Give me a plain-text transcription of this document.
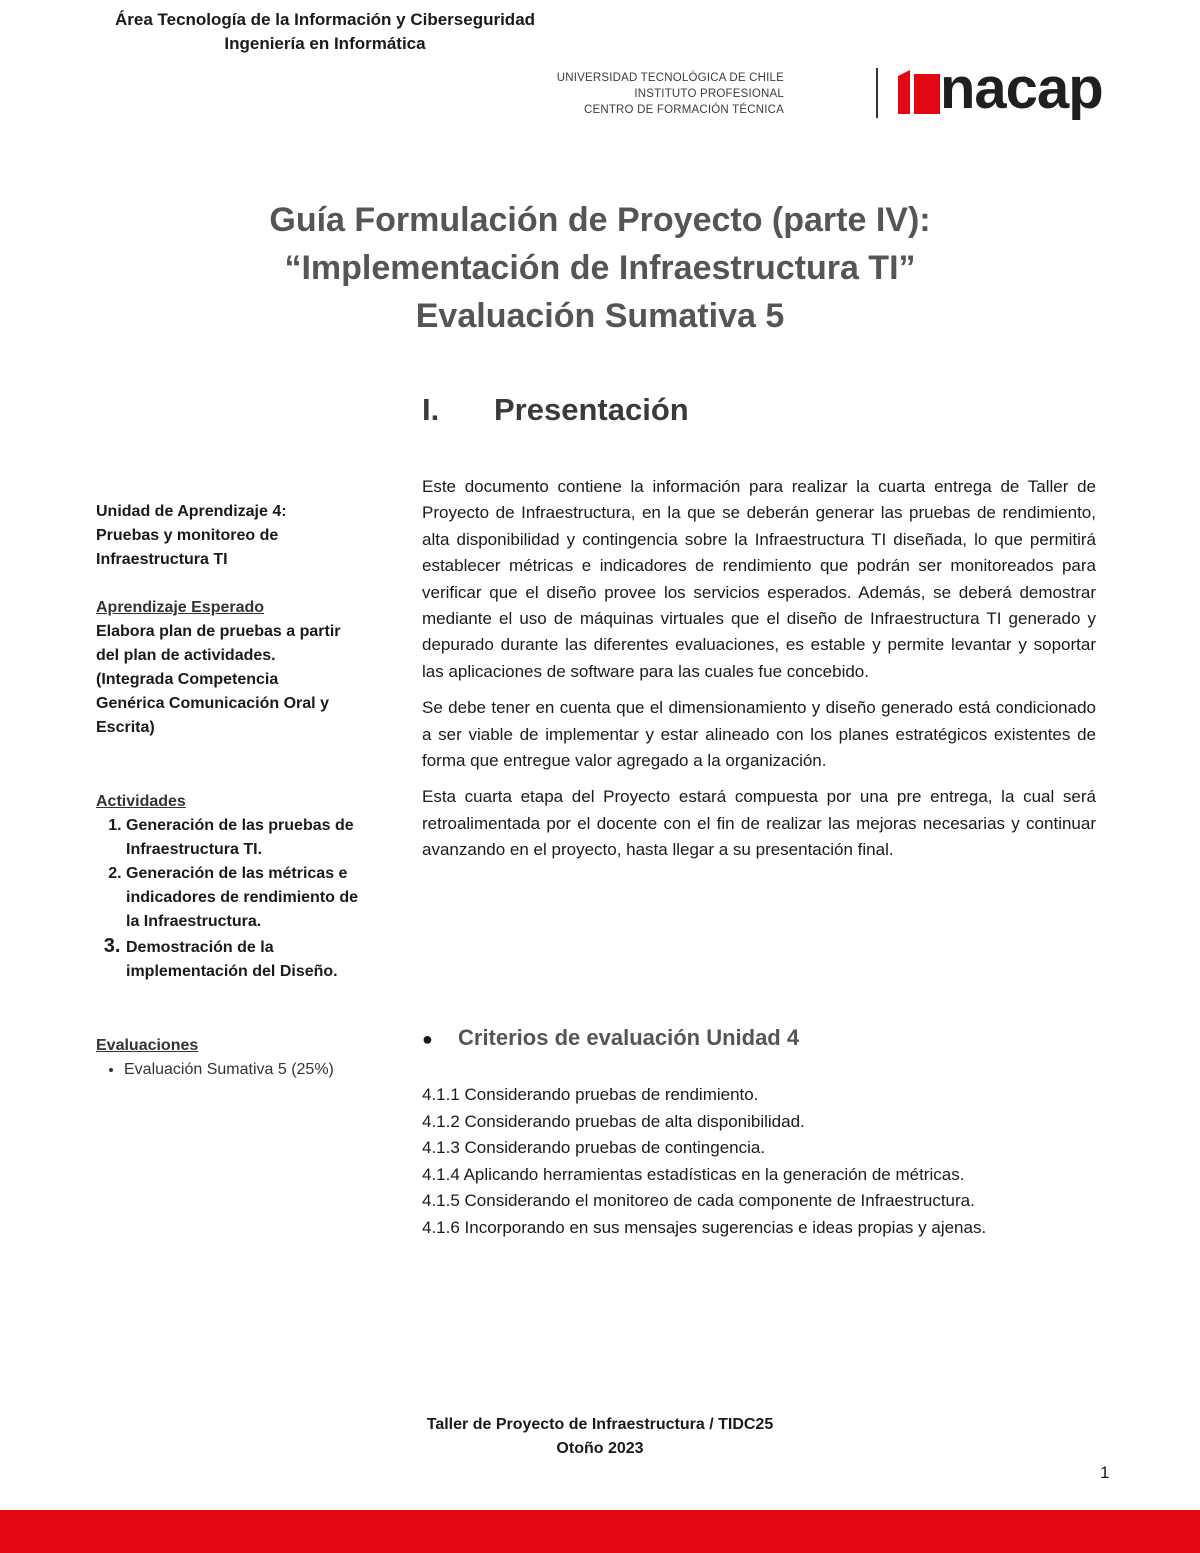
Área Tecnología de la Información y Ciberseguridad
Ingeniería en Informática
UNIVERSIDAD TECNOLÓGICA DE CHILE
INSTITUTO PROFESIONAL
CENTRO DE FORMACIÓN TÉCNICA	nacap
Guía Formulación de Proyecto (parte IV):
“Implementación de Infraestructura TI”
Evaluación Sumativa 5
I. Presentación
Unidad de Aprendizaje 4:
Pruebas y monitoreo de
Infraestructura TI
Aprendizaje Esperado
Elabora plan de pruebas a partir
del plan de actividades.
(Integrada Competencia
Genérica Comunicación Oral y
Escrita)
Actividades
1. Generación de las pruebas de Infraestructura TI.
2. Generación de las métricas e indicadores de rendimiento de la Infraestructura.
3. Demostración de la implementación del Diseño.
Evaluaciones
• Evaluación Sumativa 5 (25%)

Este documento contiene la información para realizar la cuarta entrega de Taller de Proyecto de Infraestructura, en la que se deberán generar las pruebas de rendimiento, alta disponibilidad y contingencia sobre la Infraestructura TI diseñada, lo que permitirá establecer métricas e indicadores de rendimiento que podrán ser monitoreados para verificar que el diseño provee los servicios esperados. Además, se deberá demostrar mediante el uso de máquinas virtuales que el diseño de Infraestructura TI generado y depurado durante las diferentes evaluaciones, es estable y permite levantar y soportar las aplicaciones de software para las cuales fue concebido.

Se debe tener en cuenta que el dimensionamiento y diseño generado está condicionado a ser viable de implementar y estar alineado con los planes estratégicos existentes de forma que entregue valor agregado a la organización.

Esta cuarta etapa del Proyecto estará compuesta por una pre entrega, la cual será retroalimentada por el docente con el fin de realizar las mejoras necesarias y continuar avanzando en el proyecto, hasta llegar a su presentación final.

● Criterios de evaluación Unidad 4
4.1.1 Considerando pruebas de rendimiento.
4.1.2 Considerando pruebas de alta disponibilidad.
4.1.3 Considerando pruebas de contingencia.
4.1.4 Aplicando herramientas estadísticas en la generación de métricas.
4.1.5 Considerando el monitoreo de cada componente de Infraestructura.
4.1.6 Incorporando en sus mensajes sugerencias e ideas propias y ajenas.
Taller de Proyecto de Infraestructura / TIDC25
Otoño 2023
1
